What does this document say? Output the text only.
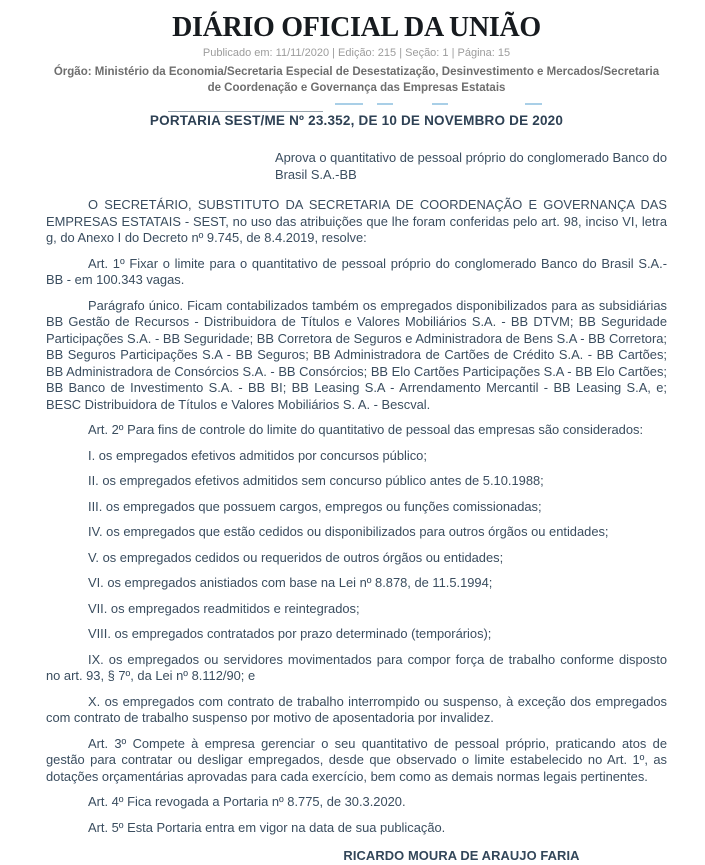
DIÁRIO OFICIAL DA UNIÃO
Publicado em: 11/11/2020 | Edição: 215 | Seção: 1 | Página: 15
Órgão: Ministério da Economia/Secretaria Especial de Desestatização, Desinvestimento e Mercados/Secretaria de Coordenação e Governança das Empresas Estatais
PORTARIA SEST/ME Nº 23.352, DE 10 DE NOVEMBRO DE 2020
Aprova o quantitativo de pessoal próprio do conglomerado Banco do Brasil S.A.-BB

O SECRETÁRIO, SUBSTITUTO DA SECRETARIA DE COORDENAÇÃO E GOVERNANÇA DAS EMPRESAS ESTATAIS - SEST, no uso das atribuições que lhe foram conferidas pelo art. 98, inciso VI, letra g, do Anexo I do Decreto nº 9.745, de 8.4.2019, resolve:

Art. 1º Fixar o limite para o quantitativo de pessoal próprio do conglomerado Banco do Brasil S.A.- BB - em 100.343 vagas.

Parágrafo único. Ficam contabilizados também os empregados disponibilizados para as subsidiárias BB Gestão de Recursos - Distribuidora de Títulos e Valores Mobiliários S.A. - BB DTVM; BB Seguridade Participações S.A. - BB Seguridade; BB Corretora de Seguros e Administradora de Bens S.A - BB Corretora; BB Seguros Participações S.A - BB Seguros; BB Administradora de Cartões de Crédito S.A. - BB Cartões; BB Administradora de Consórcios S.A. - BB Consórcios; BB Elo Cartões Participações S.A - BB Elo Cartões; BB Banco de Investimento S.A. - BB BI; BB Leasing S.A - Arrendamento Mercantil - BB Leasing S.A, e; BESC Distribuidora de Títulos e Valores Mobiliários S. A. - Bescval.

Art. 2º Para fins de controle do limite do quantitativo de pessoal das empresas são considerados:

I. os empregados efetivos admitidos por concursos público;

II. os empregados efetivos admitidos sem concurso público antes de 5.10.1988;

III. os empregados que possuem cargos, empregos ou funções comissionadas;

IV. os empregados que estão cedidos ou disponibilizados para outros órgãos ou entidades;

V. os empregados cedidos ou requeridos de outros órgãos ou entidades;

VI. os empregados anistiados com base na Lei nº 8.878, de 11.5.1994;

VII. os empregados readmitidos e reintegrados;

VIII. os empregados contratados por prazo determinado (temporários);

IX. os empregados ou servidores movimentados para compor força de trabalho conforme disposto no art. 93, § 7º, da Lei nº 8.112/90; e

X. os empregados com contrato de trabalho interrompido ou suspenso, à exceção dos empregados com contrato de trabalho suspenso por motivo de aposentadoria por invalidez.

Art. 3º Compete à empresa gerenciar o seu quantitativo de pessoal próprio, praticando atos de gestão para contratar ou desligar empregados, desde que observado o limite estabelecido no Art. 1º, as dotações orçamentárias aprovadas para cada exercício, bem como as demais normas legais pertinentes.

Art. 4º Fica revogada a Portaria nº 8.775, de 30.3.2020.

Art. 5º Esta Portaria entra em vigor na data de sua publicação.

RICARDO MOURA DE ARAUJO FARIA
